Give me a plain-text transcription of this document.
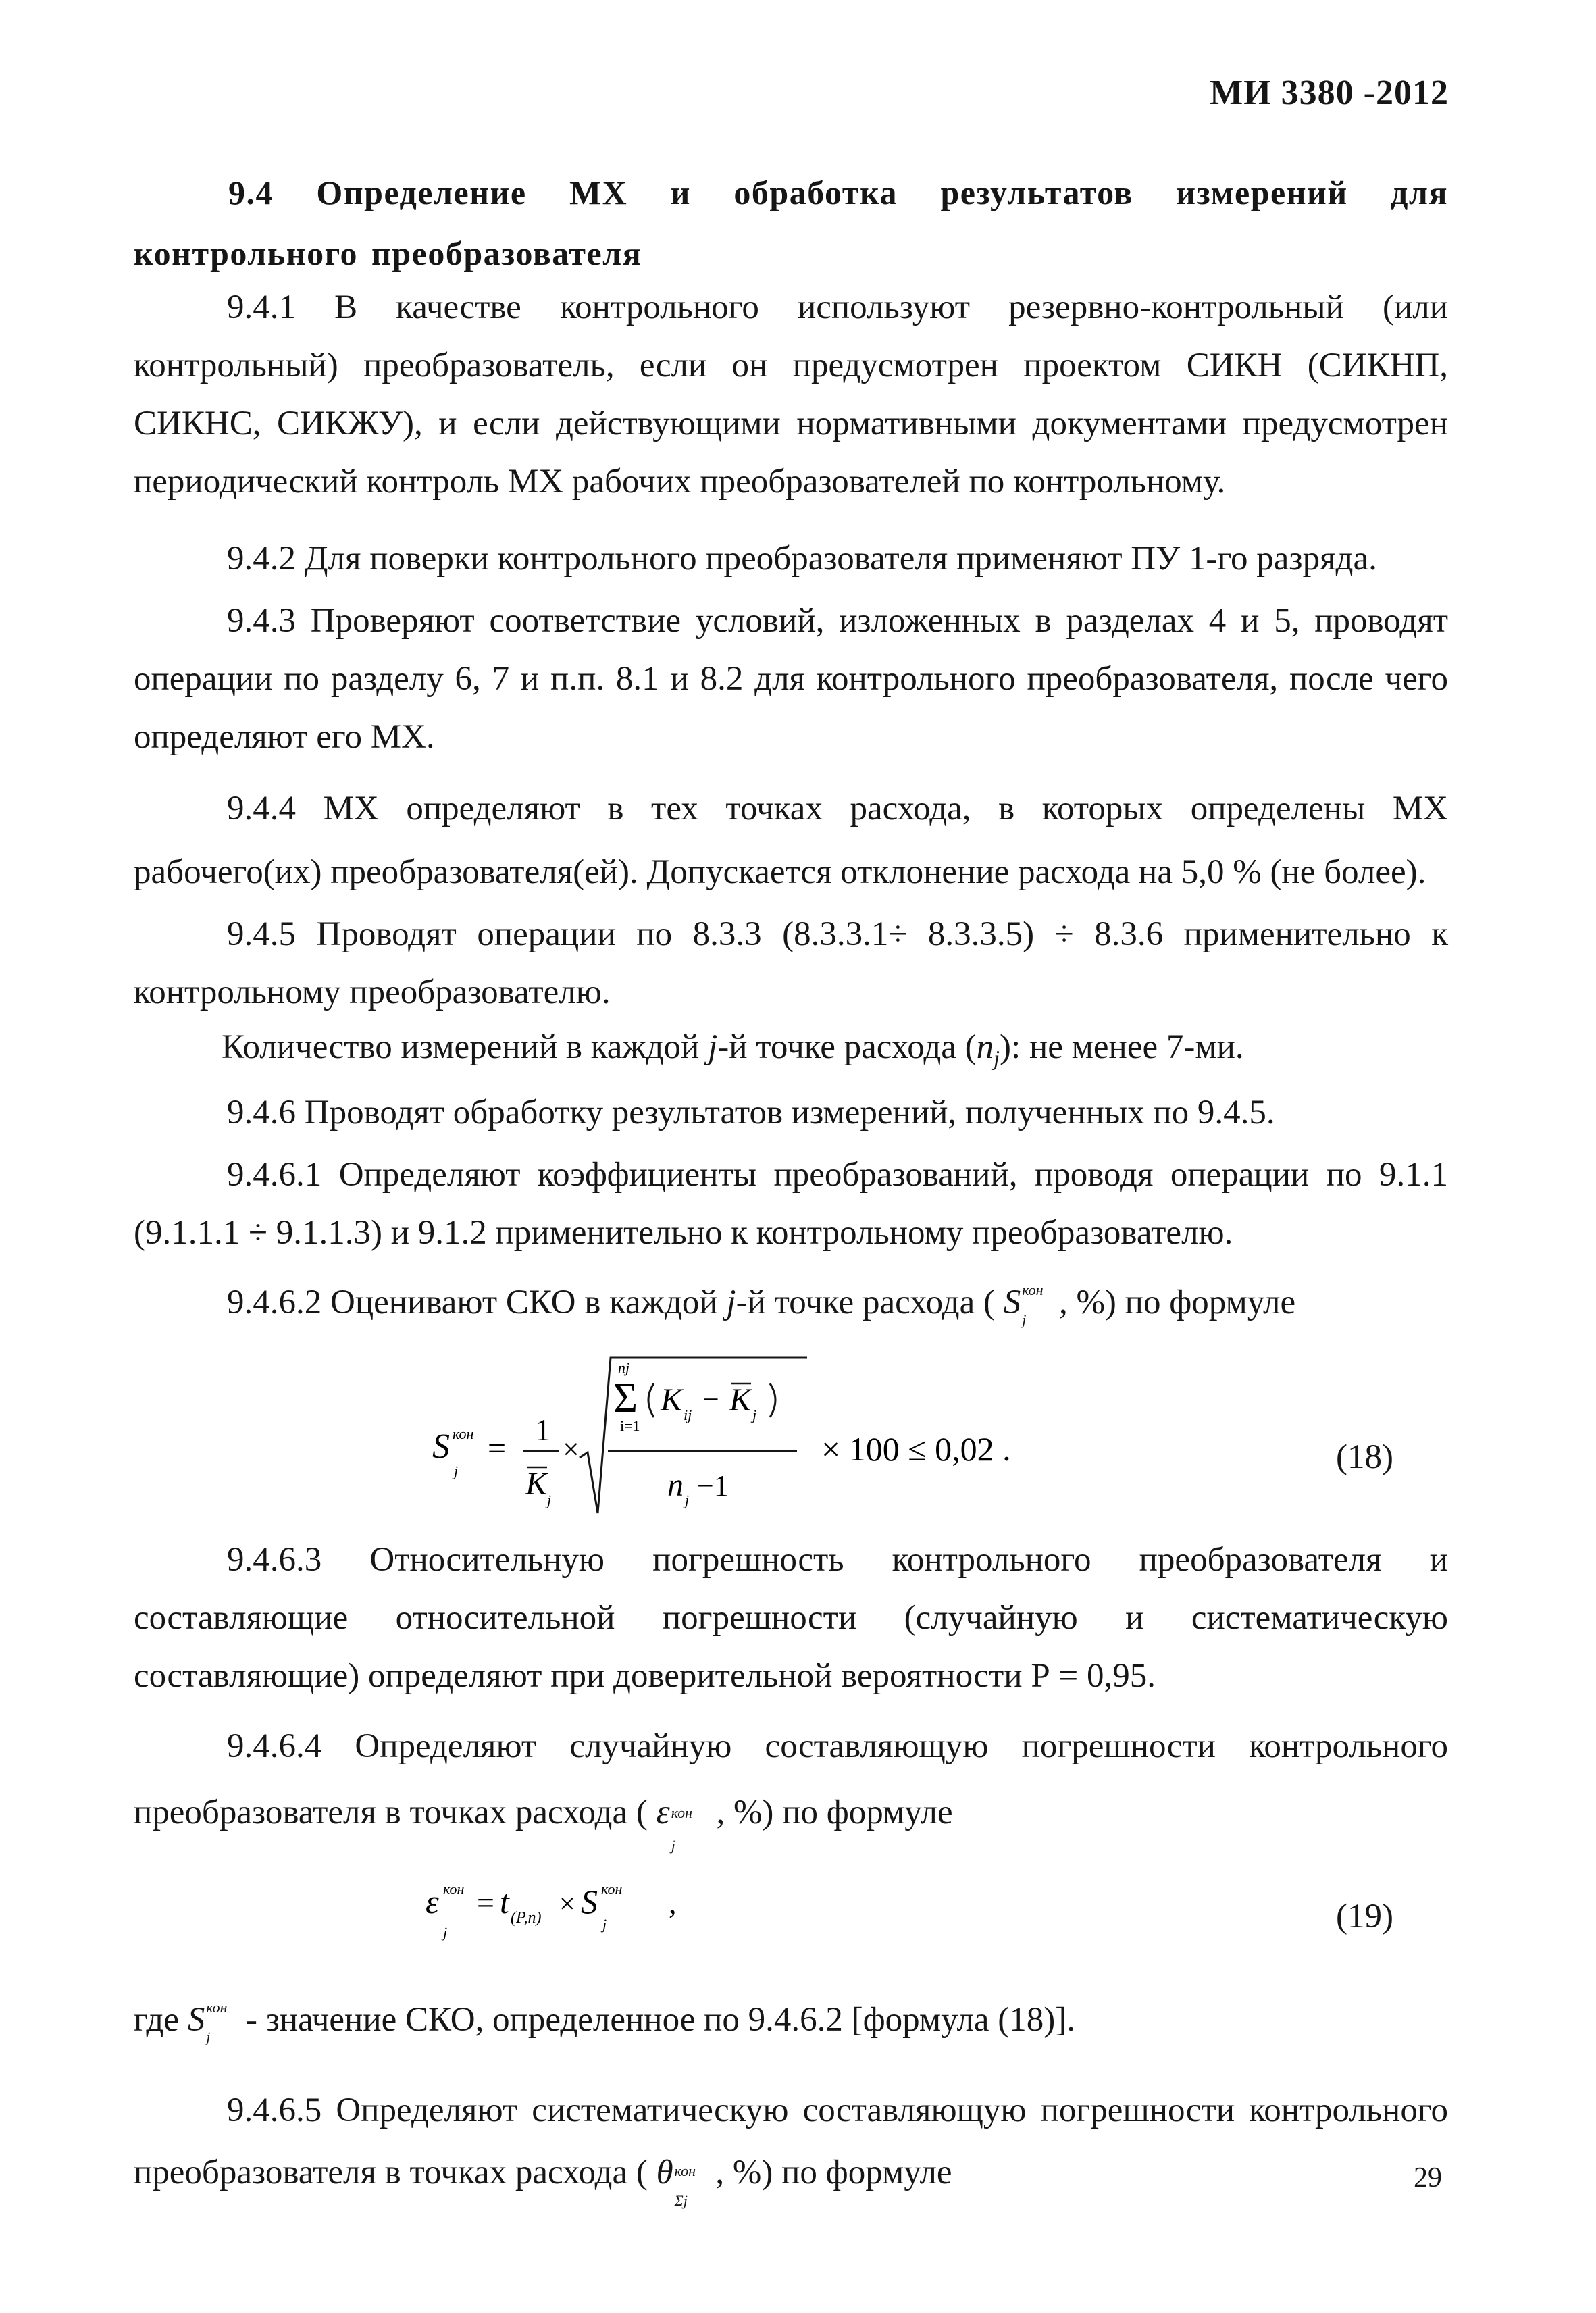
МИ 3380 -2012
9.4 Определение МХ и обработка результатов измерений для контрольного преобразователя
9.4.1 В качестве контрольного используют резервно-контрольный (или контрольный) преобразователь, если он предусмотрен проектом СИКН (СИКНП, СИКНС, СИКЖУ), и если действующими нормативными документами предусмотрен периодический контроль МХ рабочих преобразователей по контрольному.
9.4.2 Для поверки контрольного преобразователя применяют ПУ 1-го разряда.
9.4.3 Проверяют соответствие условий, изложенных в разделах 4 и 5, проводят операции по разделу 6, 7 и п.п. 8.1 и 8.2 для контрольного преобразователя, после чего определяют его МХ.
9.4.4 МХ определяют в тех точках расхода, в которых определены МХ рабочего(их) преобразователя(ей). Допускается отклонение расхода на 5,0 % (не более).
9.4.5 Проводят операции по 8.3.3 (8.3.3.1÷ 8.3.3.5) ÷ 8.3.6 применительно к контрольному преобразователю.
Количество измерений в каждой j-й точке расхода $(n_j)$: не менее 7-ми.
9.4.6 Проводят обработку результатов измерений, полученных по 9.4.5.
9.4.6.1 Определяют коэффициенты преобразований, проводя операции по 9.1.1 (9.1.1.1 ÷ 9.1.1.3) и 9.1.2 применительно к контрольному преобразователю.
9.4.6.2 Оценивают СКО в каждой j-й точке расхода ( S кон
j , %) по формуле
S кон
j
=
1
K j
×
nj
Σ
i=1
K ij − K j
n j −1
× 100 ≤ 0,02 .	(18)
9.4.6.3 Относительную погрешность контрольного преобразователя и составляющие относительной погрешности (случайную и систематическую составляющие) определяют при доверительной вероятности Р = 0,95.
9.4.6.4 Определяют случайную составляющую погрешности контрольного преобразователя в точках расхода ( ε кон
j
, %) по формуле
ε кон
j
= t (P,n) × S кон
j
,	(19)
где S кон
j - значение СКО, определенное по 9.4.6.2 [формула (18)].
9.4.6.5 Определяют систематическую составляющую погрешности контрольного преобразователя в точках расхода ( θ кон
Σj
, %) по формуле	29
